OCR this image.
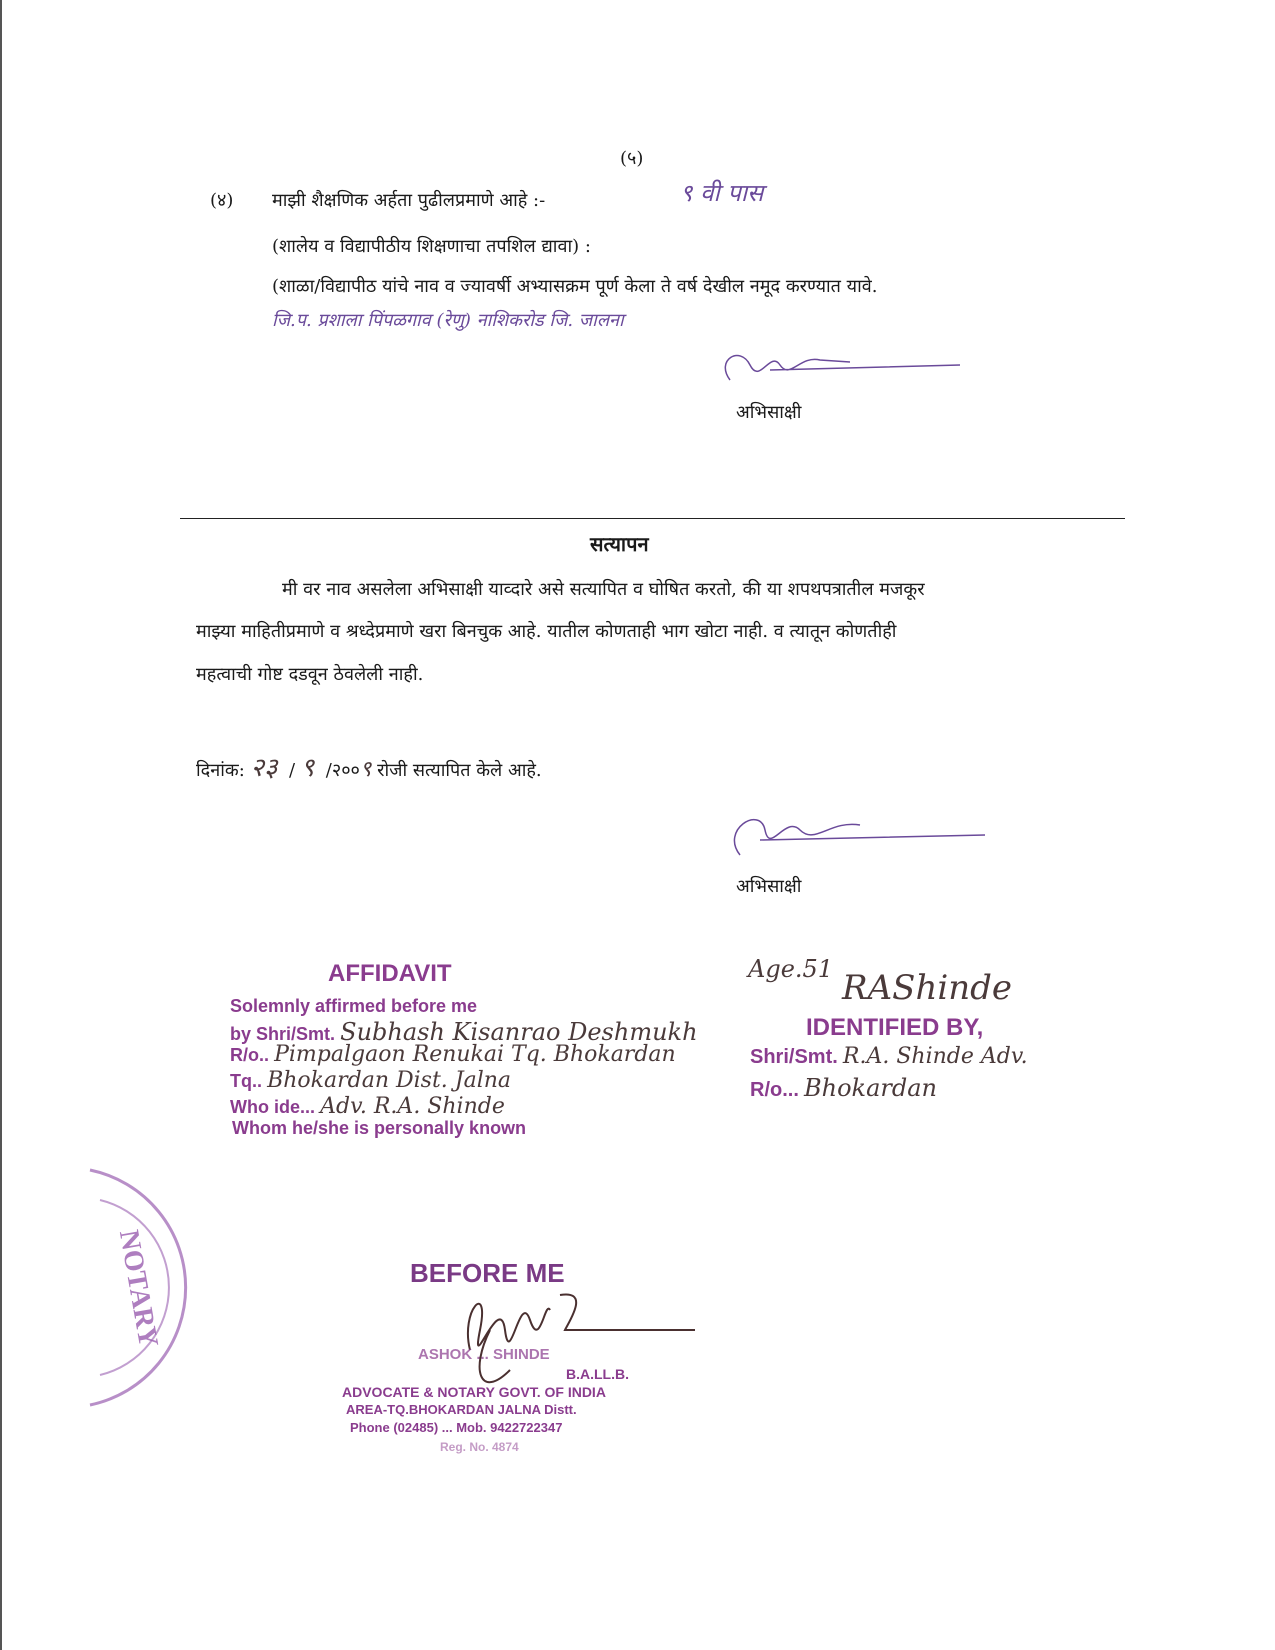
(५)
(४) माझी शैक्षणिक अर्हता पुढीलप्रमाणे आहे :-	९ वी पास
(शालेय व विद्यापीठीय शिक्षणाचा तपशिल द्यावा) :
(शाळा/विद्यापीठ यांचे नाव व ज्यावर्षी अभ्यासक्रम पूर्ण केला ते वर्ष देखील नमूद करण्यात यावे.
जि.प. प्रशाला पिंपळगाव (रेणु) नाशिकरोड जि. जालना
अभिसाक्षी
सत्यापन
मी वर नाव असलेला अभिसाक्षी याव्दारे असे सत्यापित व घोषित करतो, की या शपथपत्रातील मजकूर
माझ्या माहितीप्रमाणे व श्रध्देप्रमाणे खरा बिनचुक आहे. यातील कोणताही भाग खोटा नाही. व त्यातून कोणतीही
महत्वाची गोष्ट दडवून ठेवलेली नाही.
दिनांक: २३  / ९  /२००९ रोजी सत्यापित केले आहे.
अभिसाक्षी
AFFIDAVIT
Solemnly affirmed before me
by Shri/Smt. Subhash Kisanrao Deshmukh
Age.51
R/o.. Pimpalgaon Renukai Tq. Bhokardan
Tq.. Bhokardan Dist. Jalna
Who ide... Adv. R.A. Shinde
Whom he/she is personally known
RAShinde
IDENTIFIED BY,
Shri/Smt. R.A. Shinde Adv.
R/o... Bhokardan
NOTARY	BEFORE ME
ASHOK ... SHINDE
B.A.LL.B.
ADVOCATE & NOTARY GOVT. OF INDIA
AREA-TQ.BHOKARDAN JALNA Distt.
Phone (02485) ... Mob. 9422722347
Reg. No. 4874
